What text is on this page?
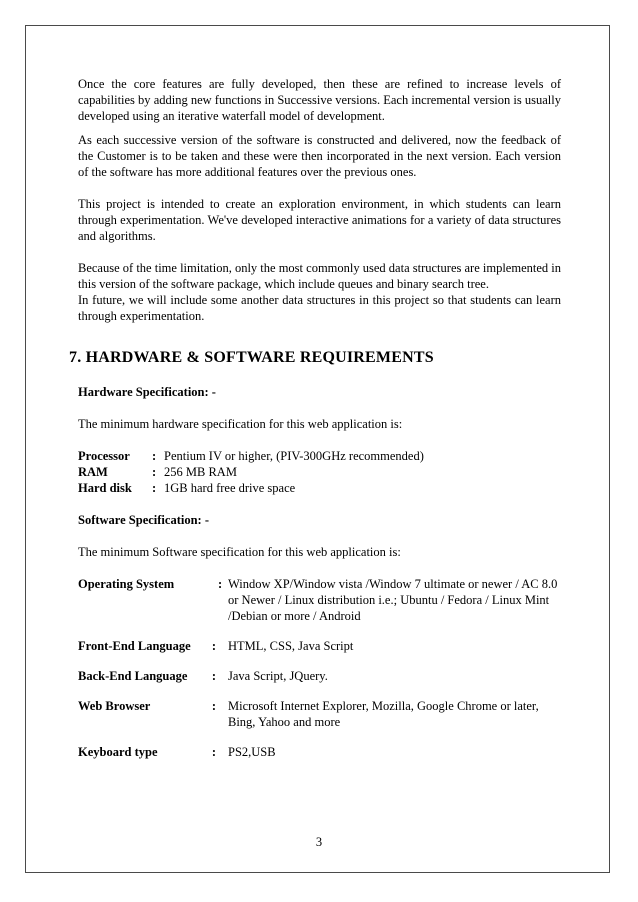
Once the core features are fully developed, then these are refined to increase levels of capabilities by adding new functions in Successive versions. Each incremental version is usually developed using an iterative waterfall model of development.

As each successive version of the software is constructed and delivered, now the feedback of the Customer is to be taken and these were then incorporated in the next version. Each version of the software has more additional features over the previous ones.

This project is intended to create an exploration environment, in which students can learn through experimentation. We've developed interactive animations for a variety of data structures and algorithms.

Because of the time limitation, only the most commonly used data structures are implemented in this version of the software package, which include queues and binary search tree.

In future, we will include some another data structures in this project so that students can learn through experimentation.

7. HARDWARE & SOFTWARE REQUIREMENTS
Hardware Specification: -
The minimum hardware specification for this web application is:
Processor	: Pentium IV or higher, (PIV-300GHz recommended)
RAM	: 256 MB RAM
Hard disk	: 1GB hard free drive space
Software Specification: -
The minimum Software specification for this web application is:
Operating System	: Window XP/Window vista /Window 7 ultimate or newer / AC 8.0 or Newer / Linux distribution i.e.; Ubuntu / Fedora / Linux Mint /Debian or more / Android
Front-End Language	: HTML, CSS, Java Script
Back-End Language	: Java Script, JQuery.
Web Browser	: Microsoft Internet Explorer, Mozilla, Google Chrome or later, Bing, Yahoo and more
Keyboard type	: PS2,USB
3
